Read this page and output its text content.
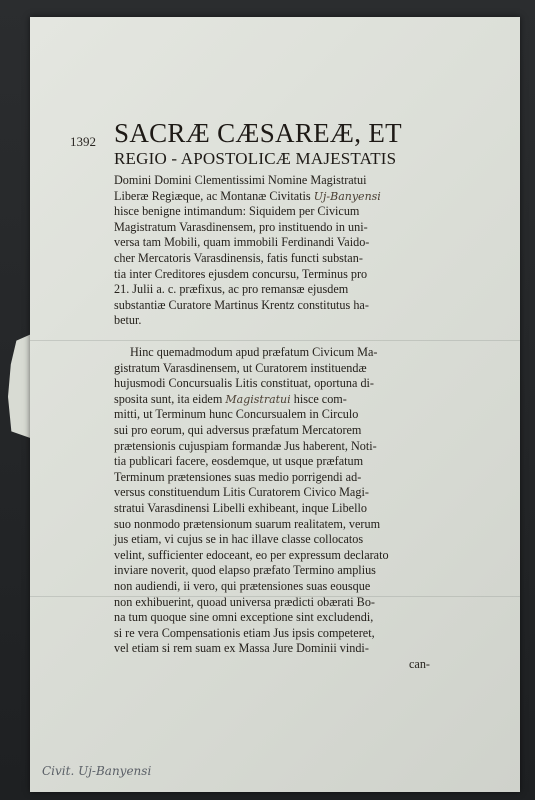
1392 SACRÆ CÆSAREÆ, ET
REGIO - APOSTOLICÆ MAJESTATIS
Domini Domini Clementissimi Nomine Magistratui
Liberæ Regiæque, ac Montanæ Civitatis Uj-Banyensi
hisce benigne intimandum: Siquidem per Civicum
Magistratum Varasdinensem, pro instituendo in uni-
versa tam Mobili, quam immobili Ferdinandi Vaido-
cher Mercatoris Varasdinensis, fatis functi substan-
tia inter Creditores ejusdem concursu, Terminus pro
21. Julii a. c. præfixus, ac pro remansæ ejusdem
substantiæ Curatore Martinus Krentz constitutus ha-
betur.
Hinc quemadmodum apud præfatum Civicum Ma-
gistratum Varasdinensem, ut Curatorem instituendæ
hujusmodi Concursualis Litis constituat, oportuna di-
sposita sunt, ita eidem Magistratui hisce com-
mitti, ut Terminum hunc Concursualem in Circulo
sui pro eorum, qui adversus præfatum Mercatorem
prætensionis cujuspiam formandæ Jus haberent, Noti-
tia publicari facere, eosdemque, ut usque præfatum
Terminum prætensiones suas medio porrigendi ad-
versus constituendum Litis Curatorem Civico Magi-
stratui Varasdinensi Libelli exhibeant, inque Libello
suo nonmodo prætensionum suarum realitatem, verum
jus etiam, vi cujus se in hac illave classe collocatos
velint, sufficienter edoceant, eo per expressum declarato
inviare noverit, quod elapso præfato Termino amplius
non audiendi, ii vero, qui prætensiones suas eousque
non exhibuerint, quoad universa prædicti obærati Bo-
na tum quoque sine omni exceptione sint excludendi,
si re vera Compensationis etiam Jus ipsis competeret,
vel etiam si rem suam ex Massa Jure Dominii vindi-
can-
Civit. Uj-Banyensi
